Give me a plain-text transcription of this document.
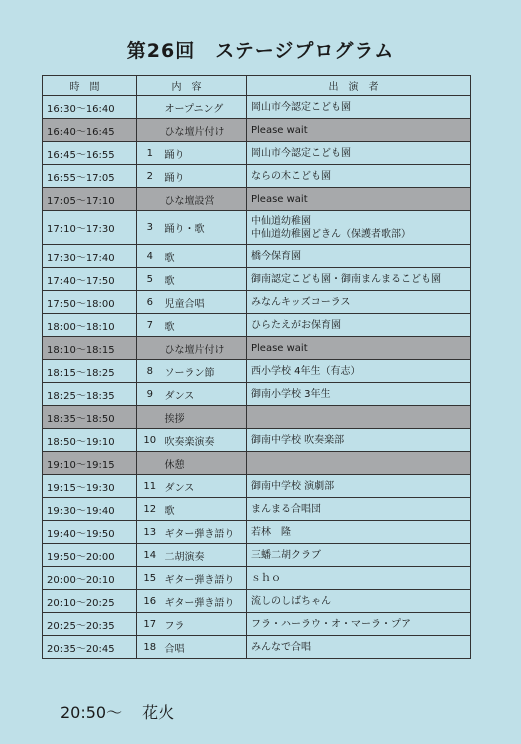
第26回　ステージプログラム
時間	内容		出演者
16:30〜16:40		オープニング	岡山市今認定こども園
16:40〜16:45		ひな壇片付け	Please wait
16:45〜16:55	1	踊り	岡山市今認定こども園
16:55〜17:05	2	踊り	ならの木こども園
17:05〜17:10		ひな壇設営	Please wait
17:10〜17:30	3	踊り・歌	中仙道幼稚園
中仙道幼稚園どきん（保護者歌部）
17:30〜17:40	4	歌	橋今保育園
17:40〜17:50	5	歌	御南認定こども園・御南まんまるこども園
17:50〜18:00	6	児童合唱	みなんキッズコーラス
18:00〜18:10	7	歌	ひらたえがお保育園
18:10〜18:15		ひな壇片付け	Please wait
18:15〜18:25	8	ソーラン節	西小学校 4年生（有志）
18:25〜18:35	9	ダンス	御南小学校 3年生
18:35〜18:50		挨拶	
18:50〜19:10	10	吹奏楽演奏	御南中学校 吹奏楽部
19:10〜19:15		休憩	
19:15〜19:30	11	ダンス	御南中学校 演劇部
19:30〜19:40	12	歌	まんまる合唱団
19:40〜19:50	13	ギター弾き語り	若林　隆
19:50〜20:00	14	二胡演奏	三蟠二胡クラブ
20:00〜20:10	15	ギター弾き語り	ｓｈｏ
20:10〜20:25	16	ギター弾き語り	流しのしばちゃん
20:25〜20:35	17	フラ	フラ・ハーラウ・オ・マーラ・プア
20:35〜20:45	18	合唱	みんなで合唱
20:50〜 花火
